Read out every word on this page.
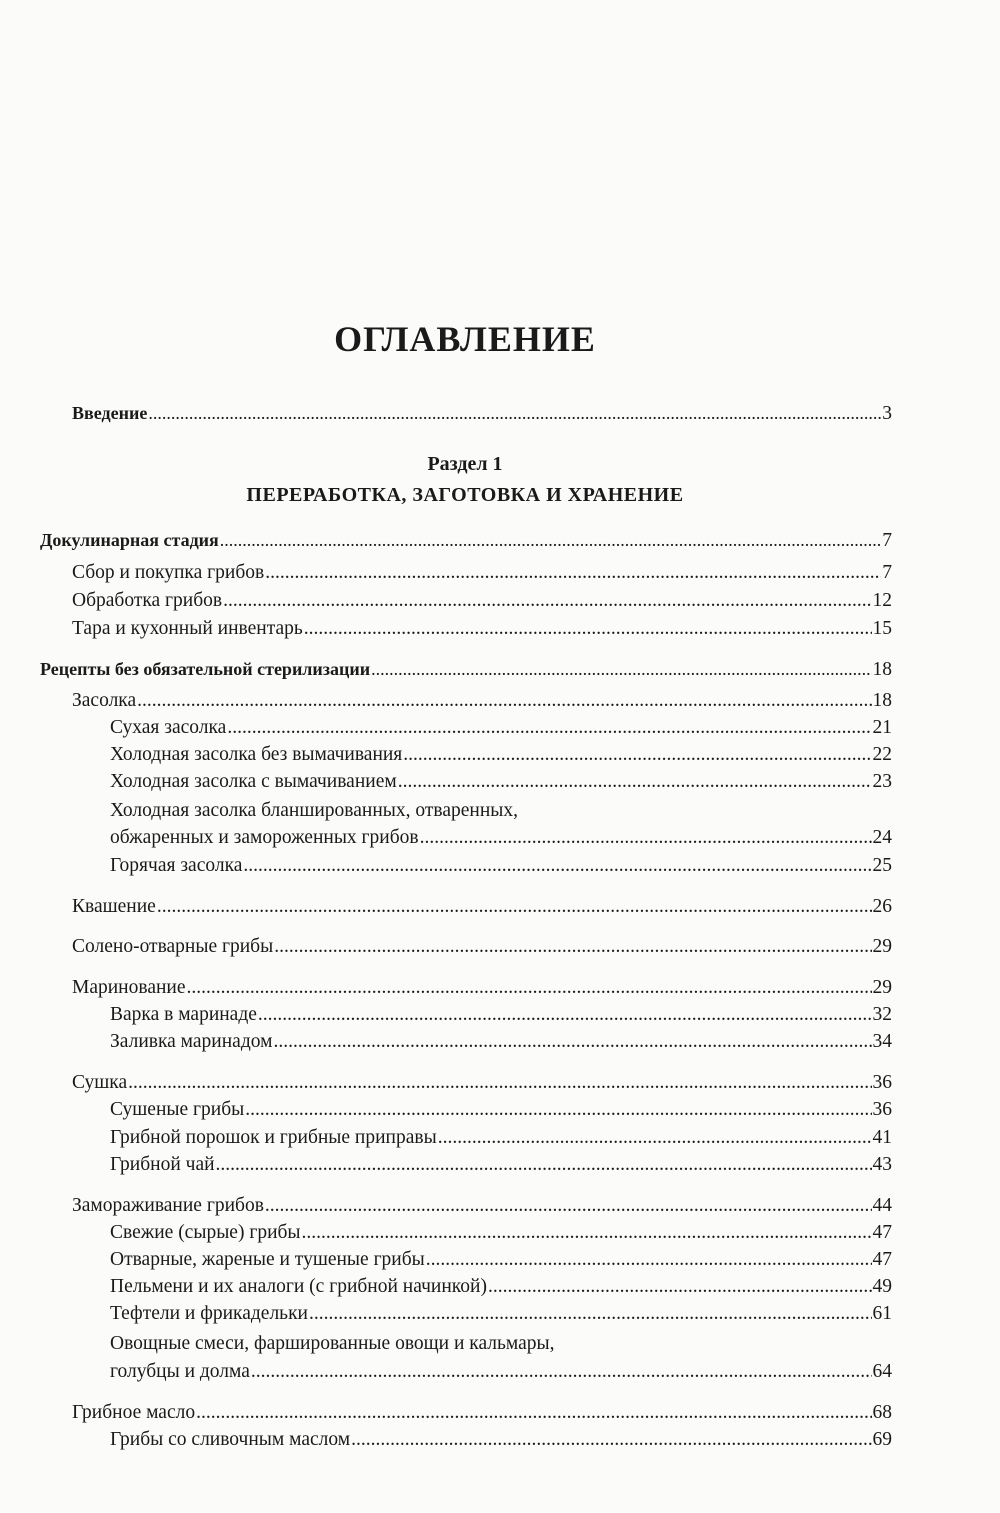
ОГЛАВЛЕНИЕ
Введение .....	3
Раздел 1
ПЕРЕРАБОТКА, ЗАГОТОВКА И ХРАНЕНИЕ
Докулинарная стадия .....	7
Сбор и покупка грибов .....	7
Обработка грибов .....	12
Тара и кухонный инвентарь .....	15
Рецепты без обязательной стерилизации .....	18
Засолка .....	18
Сухая засолка .....	21
Холодная засолка без вымачивания .....	22
Холодная засолка с вымачиванием .....	23
Холодная засолка бланшированных, отваренных,
обжаренных и замороженных грибов .....	24
Горячая засолка .....	25
Квашение .....	26
Солено-отварные грибы .....	29
Маринование .....	29
Варка в маринаде .....	32
Заливка маринадом .....	34
Сушка .....	36
Сушеные грибы .....	36
Грибной порошок и грибные приправы .....	41
Грибной чай .....	43
Замораживание грибов .....	44
Свежие (сырые) грибы .....	47
Отварные, жареные и тушеные грибы .....	47
Пельмени и их аналоги (с грибной начинкой) .....	49
Тефтели и фрикадельки .....	61
Овощные смеси, фаршированные овощи и кальмары,
голубцы и долма .....	64
Грибное масло .....	68
Грибы со сливочным маслом .....	69
